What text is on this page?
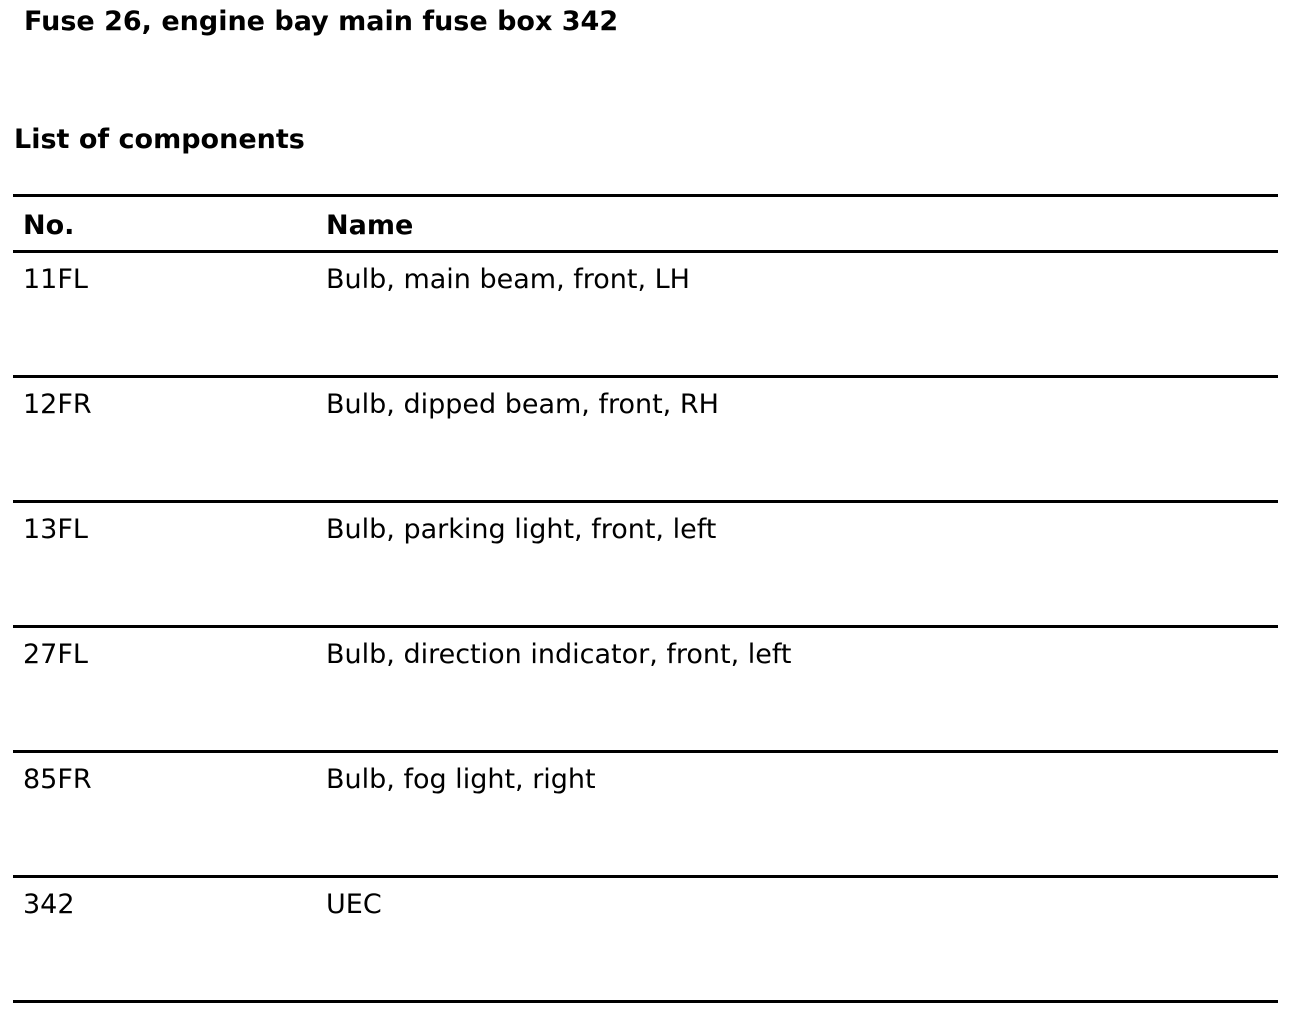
Fuse 26, engine bay main fuse box 342
List of components
No.	Name
11FL	Bulb, main beam, front, LH
12FR	Bulb, dipped beam, front, RH
13FL	Bulb, parking light, front, left
27FL	Bulb, direction indicator, front, left
85FR	Bulb, fog light, right
342	UEC
